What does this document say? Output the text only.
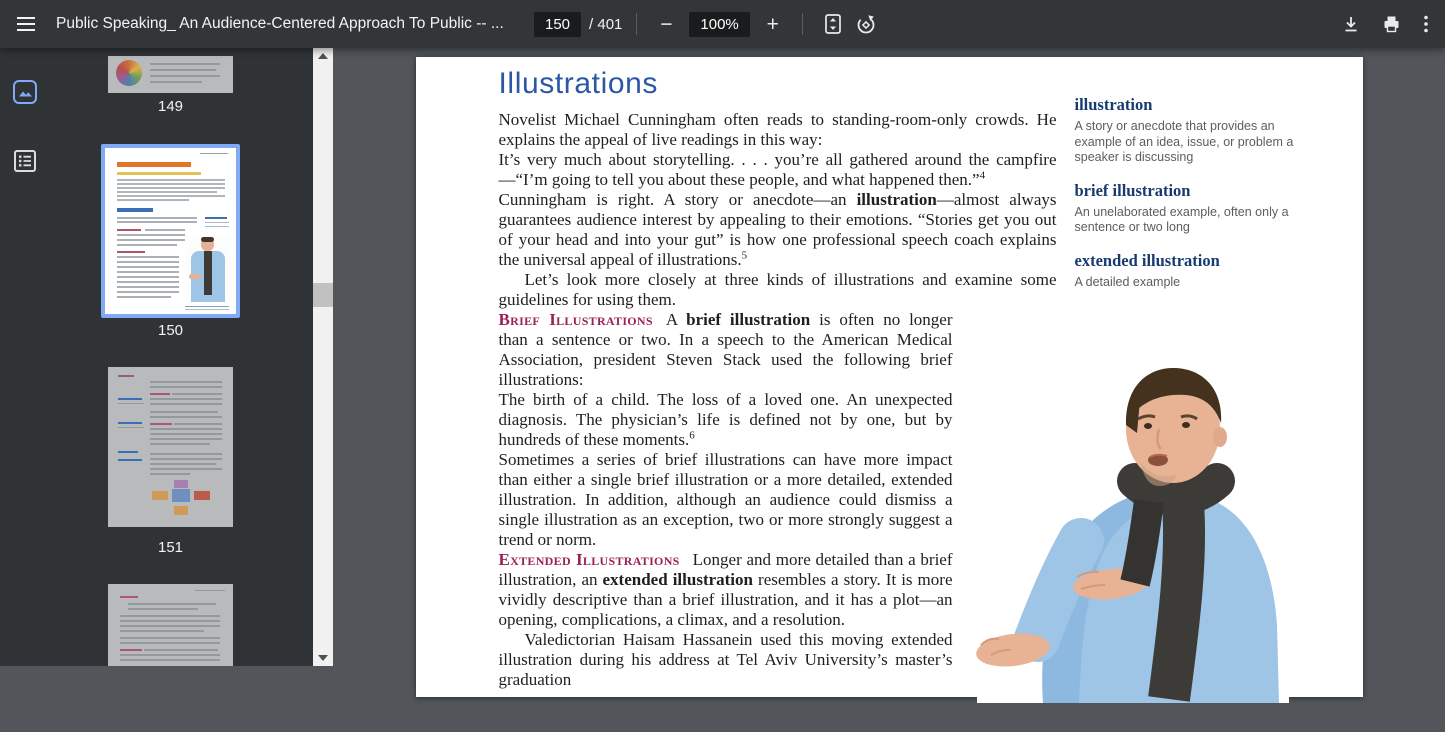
Public Speaking_ An Audience-Centered Approach To Public -- ...	150	/ 401	−	100%	+
149
150
151
Illustrations

Novelist Michael Cunningham often reads to standing-room-only crowds. He explains the appeal of live readings in this way:

It’s very much about storytelling. . . . you’re all gathered around the campfire—“I’m going to tell you about these people, and what happened then.”$^4$

Cunningham is right. A story or anecdote—an illustration—almost always guarantees audience interest by appealing to their emotions. “Stories get you out of your head and into your gut” is how one professional speech coach explains the universal appeal of illustrations.$^5$

Let’s look more closely at three kinds of illustrations and examine some guidelines for using them.

Brief Illustrations A brief illustration is often no longer than a sentence or two. In a speech to the American Medical Association, president Steven Stack used the following brief illustrations:

The birth of a child. The loss of a loved one. An unexpected diagnosis. The physician’s life is defined not by one, but by hundreds of these moments.$^6$

Sometimes a series of brief illustrations can have more impact than either a single brief illustration or a more detailed, extended illustration. In addition, although an audience could dismiss a single illustration as an exception, two or more strongly suggest a trend or norm.

Extended Illustrations Longer and more detailed than a brief illustration, an extended illustration resembles a story. It is more vividly descriptive than a brief illustration, and it has a plot—an opening, complications, a climax, and a resolution.

Valedictorian Haisam Hassanein used this moving extended illustration during his address at Tel Aviv University’s master’s graduation

illustration
A story or anecdote that provides an example of an idea, issue, or problem a speaker is discussing
brief illustration
An unelaborated example, often only a sentence or two long
extended illustration
A detailed example
